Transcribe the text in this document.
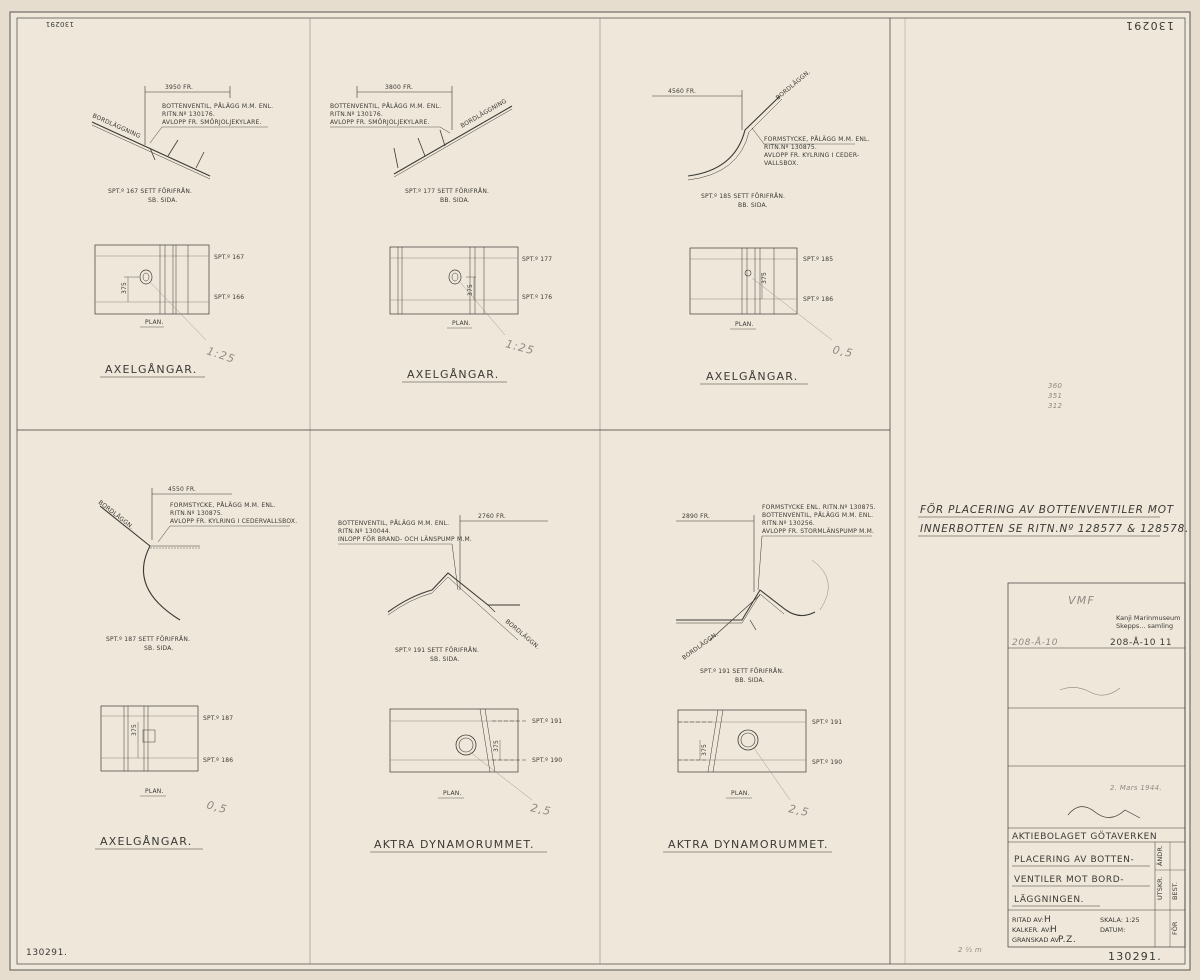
130291	130291
130291.	130291.
3950 FR.
BOTTENVENTIL, PÅLÄGG M.M. ENL.
RITN.Nº 130176.
AVLOPP FR. SMÖRJOLJEKYLARE.
BORDLÄGGNING
SPT.º 167 SETT FÖRIFRÅN.
SB. SIDA.
375
SPT.º 167
SPT.º 166
PLAN.
1:25
AXELGÅNGAR.
3800 FR.
BOTTENVENTIL, PÅLÄGG M.M. ENL.
RITN.Nº 130176.
AVLOPP FR. SMÖRJOLJEKYLARE.	BORDLÄGGNING
SPT.º 177 SETT FÖRIFRÅN.
BB. SIDA.
375
SPT.º 177
SPT.º 176
PLAN.
1:25
AXELGÅNGAR.
4560 FR.
FORMSTYCKE, PÅLÄGG M.M. ENL.
RITN.Nº 130875.
AVLOPP FR. KYLRING I CEDER-
VALLSBOX.
BORDLÄGGN.
SPT.º 185 SETT FÖRIFRÅN.
BB. SIDA.
375
SPT.º 185
SPT.º 186
PLAN.
0,5
AXELGÅNGAR.
4550 FR.
FORMSTYCKE, PÅLÄGG M.M. ENL.
RITN.Nº 130875.
AVLOPP FR. KYLRING I CEDERVALLSBOX.
BORDLÄGGN.
SPT.º 187 SETT FÖRIFRÅN.
SB. SIDA.
375
SPT.º 187
SPT.º 186
PLAN.
0,5
AXELGÅNGAR.
2760 FR.
BOTTENVENTIL, PÅLÄGG M.M. ENL.
RITN.Nº 130044.
INLOPP FÖR BRAND- OCH LÄNSPUMP M.M.
BORDLÄGGN.
SPT.º 191 SETT FÖRIFRÅN.
SB. SIDA.
375
SPT.º 191
SPT.º 190
PLAN.
2,5
AKTRA DYNAMORUMMET.
2890 FR.
FORMSTYCKE ENL. RITN.Nº 130875.
BOTTENVENTIL, PÅLÄGG M.M. ENL.
RITN.Nº 130256.
AVLOPP FR. STORMLÄNSPUMP M.M.
BORDLÄGGN.
SPT.º 191 SETT FÖRIFRÅN.
BB. SIDA.
375
SPT.º 191
SPT.º 190
PLAN.
2,5
AKTRA DYNAMORUMMET.
FÖR PLACERING AV BOTTENVENTILER MOT
INNERBOTTEN SE RITN.Nº 128577 & 128578.
360
351
312
VMF
Kanji Marinmuseum
Skepps... samling
208-Å-10	208-Å-10 11
2. Mars 1944.
AKTIEBOLAGET GÖTAVERKEN
PLACERING AV BOTTEN-
VENTILER MOT BORD-
LÄGGNINGEN.
ÄNDR.
UTSKR. BEST.
FÖR
RITAD AV: H
KALKER. AV:
H
GRANSKAD AV:
P.Z.
SKALA: 1:25
DATUM:
2 ½ m
